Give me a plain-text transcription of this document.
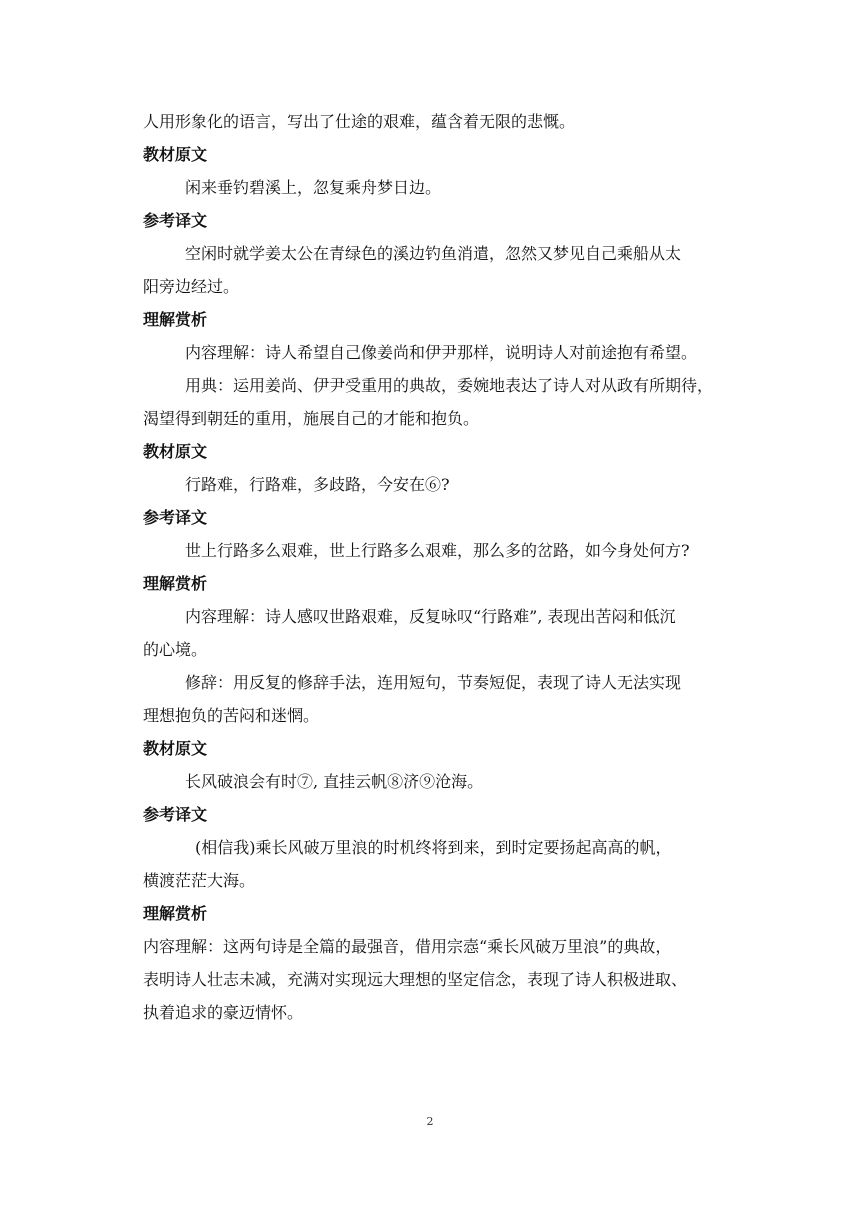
人用形象化的语言，写出了仕途的艰难，蕴含着无限的悲慨。
教材原文
闲来垂钓碧溪上，忽复乘舟梦日边。
参考译文
空闲时就学姜太公在青绿色的溪边钓鱼消遣，忽然又梦见自己乘船从太
阳旁边经过。
理解赏析
内容理解：诗人希望自己像姜尚和伊尹那样，说明诗人对前途抱有希望。
用典：运用姜尚、伊尹受重用的典故，委婉地表达了诗人对从政有所期待，
渴望得到朝廷的重用，施展自己的才能和抱负。
教材原文
行路难，行路难，多歧路，今安在⑥?
参考译文
世上行路多么艰难，世上行路多么艰难，那么多的岔路，如今身处何方?
理解赏析
内容理解：诗人感叹世路艰难，反复咏叹“行路难”, 表现出苦闷和低沉
的心境。
修辞：用反复的修辞手法，连用短句，节奏短促，表现了诗人无法实现
理想抱负的苦闷和迷惘。
教材原文
长风破浪会有时⑦, 直挂云帆⑧济⑨沧海。
参考译文
(相信我)乘长风破万里浪的时机终将到来，到时定要扬起高高的帆，
横渡茫茫大海。
理解赏析
内容理解：这两句诗是全篇的最强音，借用宗悫“乘长风破万里浪”的典故，
表明诗人壮志未减，充满对实现远大理想的坚定信念，表现了诗人积极进取、
执着追求的豪迈情怀。
2
